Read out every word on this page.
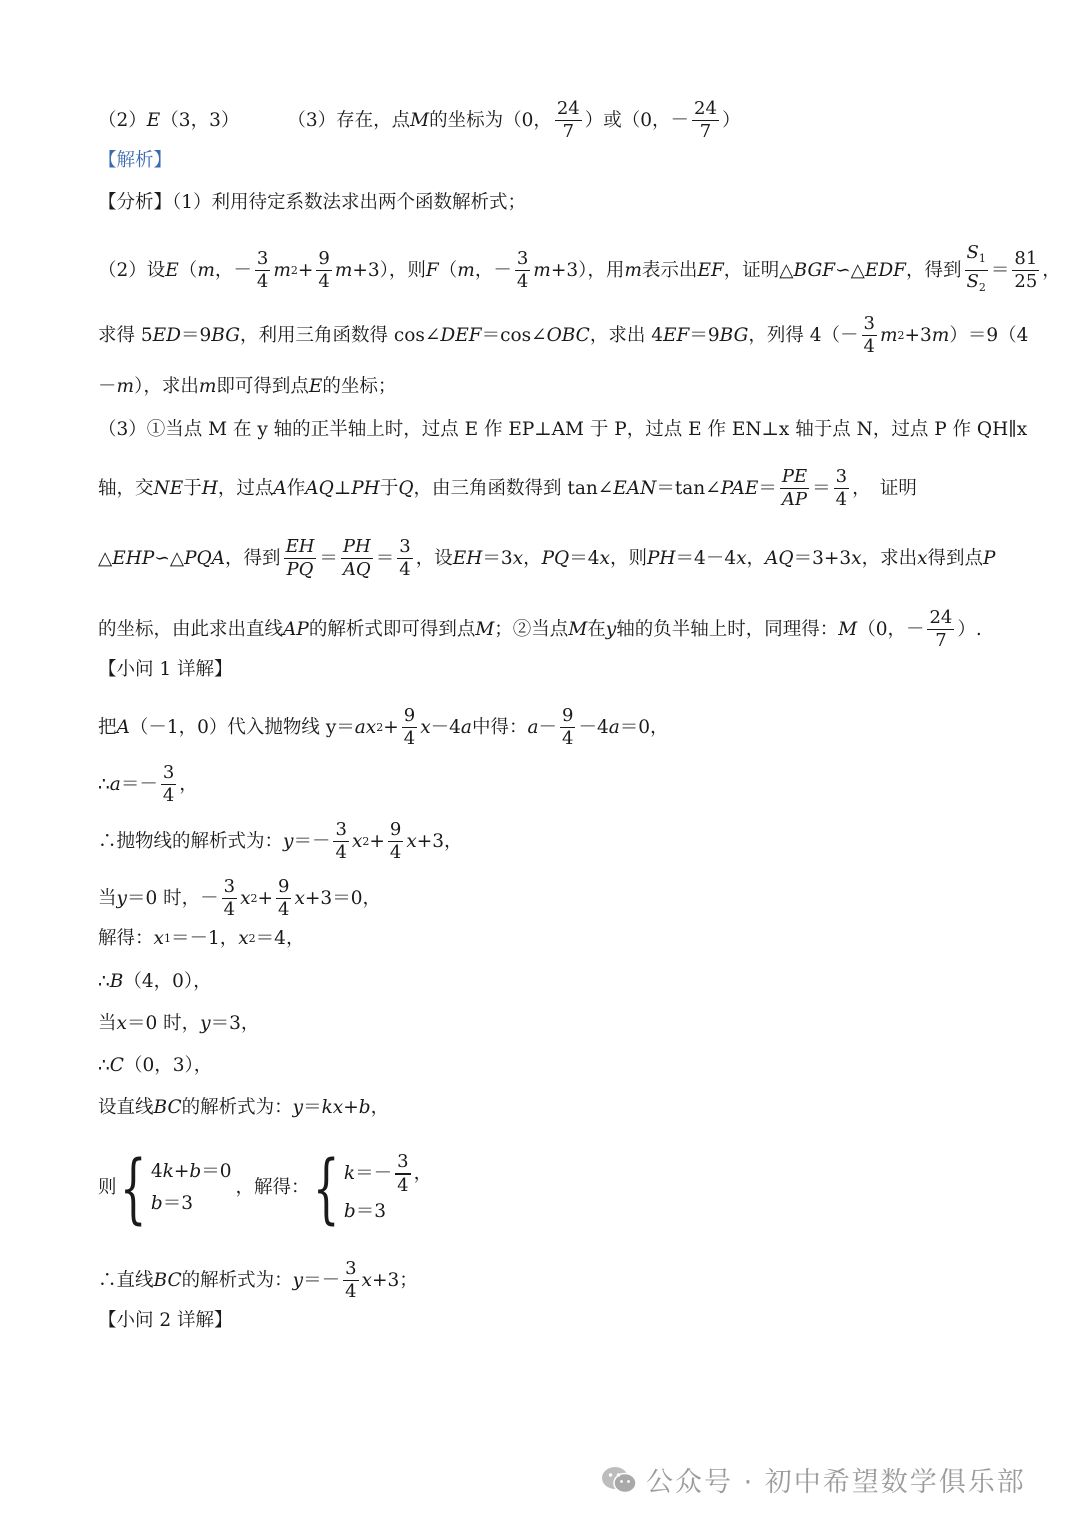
（2） E （3，3）	（3）存在，点 M 的坐标为（0， $\frac{24}{7}$ ）或（0，－ $\frac{24}{7}$ ）
【解析】
【分析】（1）利用待定系数法求出两个函数解析式；
（2）设 E （ m ，－ $\frac{3}{4}$ m $2 + \frac{9}{4}$ m +3），则 F （ m ，－ $\frac{3}{4}$ m +3），用 m 表示出 EF ，证明△ BGF ∽△ EDF ，得到 $\frac{S_1}{S_2} = \frac{81}{25}$ ，
求得 5 ED ＝9 BG ，利用三角函数得 cos∠ DEF ＝cos∠ OBC ，求出 4 EF ＝9 BG ，列得 $4(- \frac{3}{4}$ m 2 +3 m ）＝9（4
－ m ），求出 m 即可得到点 E 的坐标；
（3）①当点 M 在 y 轴的正半轴上时，过点 E 作 EP⊥AM 于 P，过点 E 作 EN⊥x 轴于点 N，过点 P 作 QH∥x
轴，交 NE 于 H ，过点 A 作 AQ ⊥ PH 于 Q ，由三角函数得到 tan∠ EAN ＝tan∠ PAE ＝ $\frac{PE}{AP} = \frac{3}{4}$ ，　证明
△ EHP ∽△ PQA ，得到 $\frac{EH}{PQ} = \frac{PH}{AQ} = \frac{3}{4}$ ，设 EH ＝3 x ， PQ ＝4 x ，则 PH ＝4－4 x ， AQ ＝3+3 x ，求出 x 得到点 P
的坐标，由此求出直线 AP 的解析式即可得到点 M ；②当点 M 在 y 轴的负半轴上时，同理得： M （0，－ $\frac{24}{7}$ ）.
【小问 1 详解】
把 A （－1，0）代入抛物线 y＝ ax $2 + \frac{9}{4}$ x －4 a 中得： $a - \frac{9}{4} -4$ a ＝0，
∴ $a =- \frac{3}{4}$ ，
∴抛物线的解析式为： $y =- \frac{3}{4}$ x $2 + \frac{9}{4}$ x +3，
当 y ＝0 时，－ $\frac{3}{4}$ x $2 + \frac{9}{4}$ x +3＝0，
解得： x 1 ＝－1， x 2 ＝4，
∴ B （4，0），
当 x ＝0 时， y ＝3，
∴ C （0，3），
设直线 BC 的解析式为： y ＝ kx + b ，
则 { 4k+b＝0
b＝3
，解得： { $k =- \frac{3}{4}$ ，
b＝3
∴直线 BC 的解析式为： $y =- \frac{3}{4}$ x +3；
【小问 2 详解】
公众号 · 初中希望数学俱乐部
